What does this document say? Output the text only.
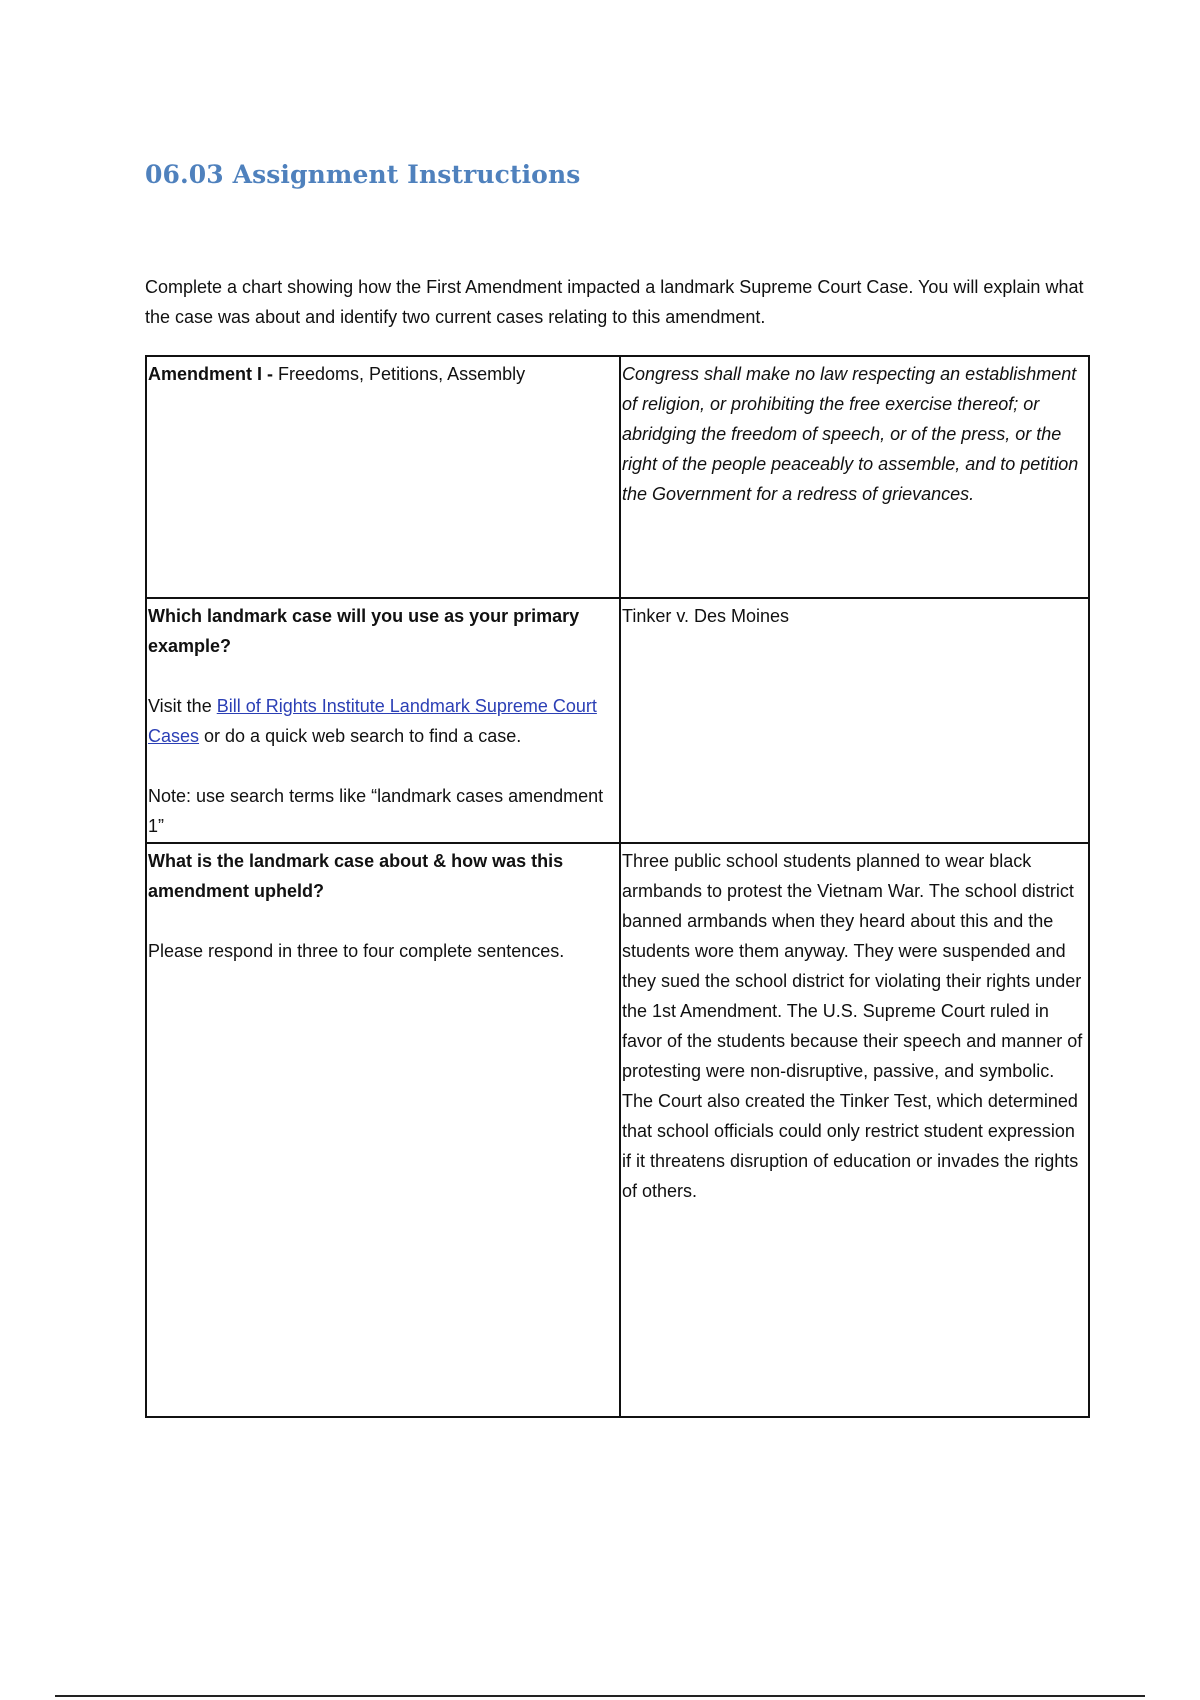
06.03 Assignment Instructions

Complete a chart showing how the First Amendment impacted a landmark Supreme Court Case. You will explain what the case was about and identify two current cases relating to this amendment.

Amendment I - Freedoms, Petitions, Assembly	Congress shall make no law respecting an establishment of religion, or prohibiting the free exercise thereof; or abridging the freedom of speech, or of the press, or the right of the people peaceably to assemble, and to petition the Government for a redress of grievances.

Which landmark case will you use as your primary example?

Visit the Bill of Rights Institute Landmark Supreme Court Cases or do a quick web search to find a case.

Note: use search terms like “landmark cases amendment 1”	Tinker v. Des Moines

What is the landmark case about & how was this amendment upheld?

Please respond in three to four complete sentences.	Three public school students planned to wear black armbands to protest the Vietnam War. The school district banned armbands when they heard about this and the students wore them anyway. They were suspended and they sued the school district for violating their rights under the 1st Amendment. The U.S. Supreme Court ruled in favor of the students because their speech and manner of protesting were non-disruptive, passive, and symbolic. The Court also created the Tinker Test, which determined that school officials could only restrict student expression if it threatens disruption of education or invades the rights of others.
